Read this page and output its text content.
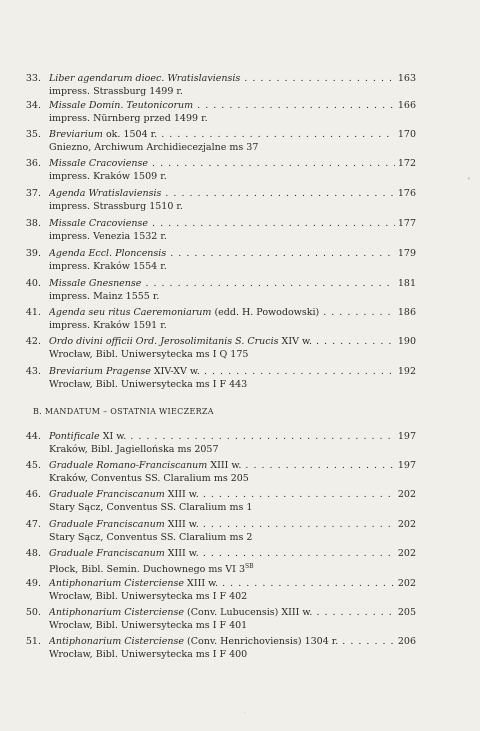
33. Liber agendarum dioec. Wratislaviensis . . .	163
impress. Strassburg 1499 r.
34. Missale Domin. Teutonicorum . . .	166
impress. Nürnberg przed 1499 r.
35. Breviarium ok. 1504 r. . . .	170
Gniezno, Archiwum Archidiecezjalne ms 37
36. Missale Cracoviense . . .	172
impress. Kraków 1509 r.
37. Agenda Wratislaviensis . . .	176
impress. Strassburg 1510 r.
38. Missale Cracoviense . . .	177
impress. Venezia 1532 r.
39. Agenda Eccl. Ploncensis . . .	179
impress. Kraków 1554 r.
40. Missale Gnesnense . . .	181
impress. Mainz 1555 r.
41. Agenda seu ritus Caeremoniarum (edd. H. Powodowski) . . .	186
impress. Kraków 1591 r.
42. Ordo divini officii Ord. Jerosolimitanis S. Crucis XIV w. . . .	190
Wrocław, Bibl. Uniwersytecka ms I Q 175
43. Breviarium Pragense XIV-XV w. . . .	192
Wrocław, Bibl. Uniwersytecka ms I F 443
44. Pontificale XI w. . . .	197
Kraków, Bibl. Jagiellońska ms 2057
45. Graduale Romano-Franciscanum XIII w. . . .	197
Kraków, Conventus SS. Claralium ms 205
46. Graduale Franciscanum XIII w. . . .	202
Stary Sącz, Conventus SS. Claralium ms 1
47. Graduale Franciscanum XIII w. . . .	202
Stary Sącz, Conventus SS. Claralium ms 2
48. Graduale Franciscanum XIII w. . . .	202
Płock, Bibl. Semin. Duchownego ms VI $3^{SB}$
49. Antiphonarium Cisterciense XIII w. . . .	202
Wrocław, Bibl. Uniwersytecka ms I F 402
50. Antiphonarium Cisterciense (Conv. Lubucensis) XIII w. . . .	205
Wrocław, Bibl. Uniwersytecka ms I F 401
51. Antiphonarium Cisterciense (Conv. Henrichoviensis) 1304 r. . . .	206
Wrocław, Bibl. Uniwersytecka ms I F 400
B. MANDATUM – OSTATNIA WIECZERZA
•
·
